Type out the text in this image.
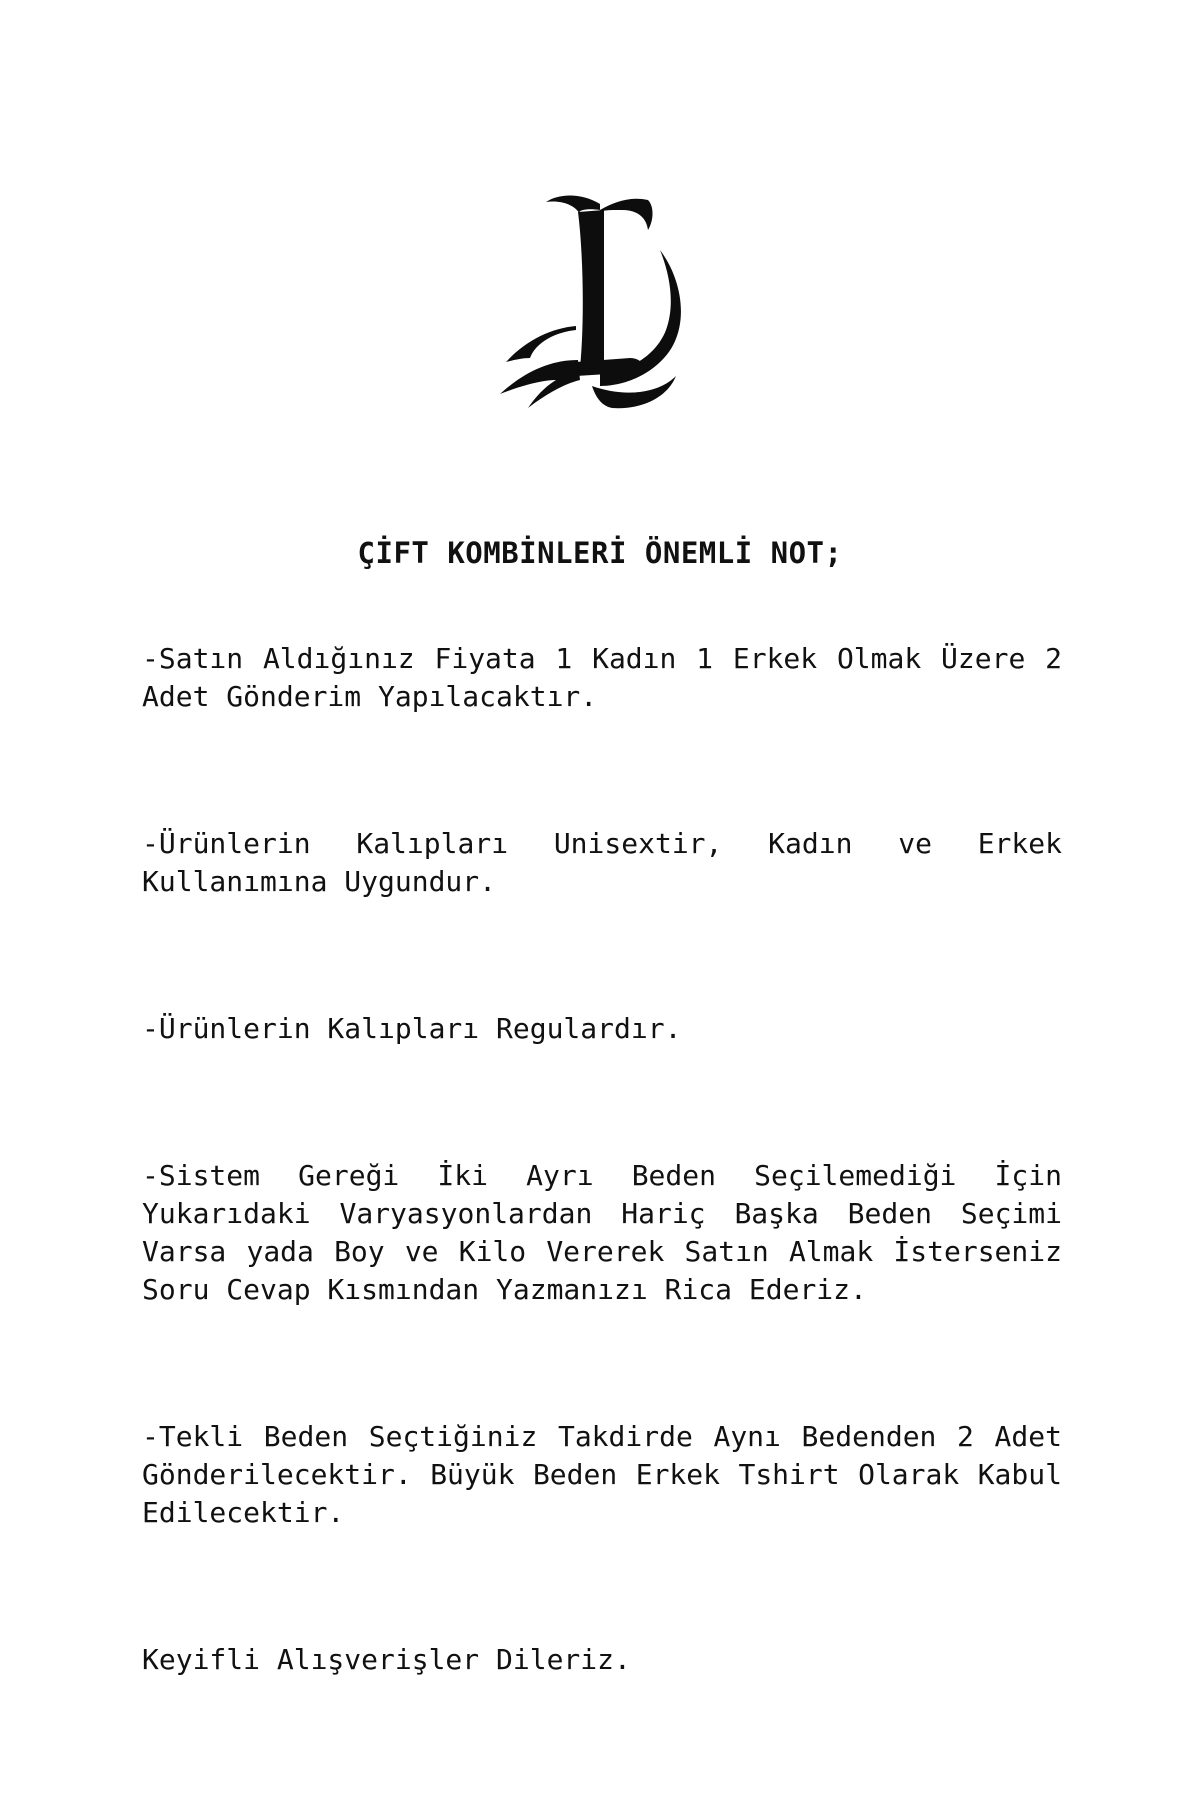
ÇİFT KOMBİNLERİ ÖNEMLİ NOT;

-Satın Aldığınız Fiyata 1 Kadın 1 Erkek Olmak Üzere 2 Adet Gönderim Yapılacaktır.

-Ürünlerin Kalıpları Unisextir, Kadın ve Erkek Kullanımına Uygundur.

-Ürünlerin Kalıpları Regulardır.

-Sistem Gereği İki Ayrı Beden Seçilemediği İçin Yukarıdaki Varyasyonlardan Hariç Başka Beden Seçimi Varsa yada Boy ve Kilo Vererek Satın Almak İsterseniz Soru Cevap Kısmından Yazmanızı Rica Ederiz.

-Tekli Beden Seçtiğiniz Takdirde Aynı Bedenden 2 Adet Gönderilecektir. Büyük Beden Erkek Tshirt Olarak Kabul Edilecektir.

Keyifli Alışverişler Dileriz.
